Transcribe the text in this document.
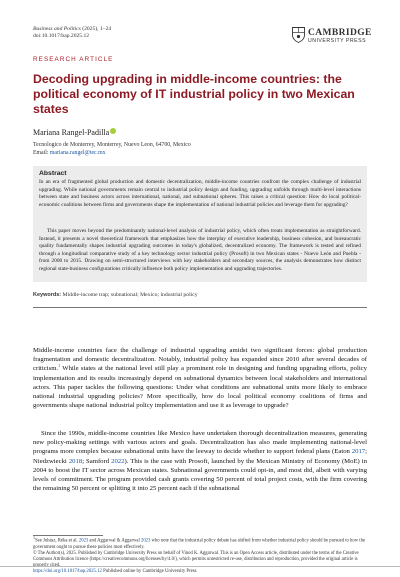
Business and Politics (2025), 1–24
doi:10.1017/bap.2025.12	CAMBRIDGE
UNIVERSITY PRESS
RESEARCH ARTICLE
Decoding upgrading in middle-income countries: the political economy of IT industrial policy in two Mexican states
Mariana Rangel-Padilla
Tecnologico de Monterrey, Monterrey, Nuevo Leon, 64700, Mexico
Email: mariana.rangel@tec.mx
Abstract

In an era of fragmented global production and domestic decentralization, middle-income countries confront the complex challenge of industrial upgrading. While national governments remain central to industrial policy design and funding, upgrading unfolds through multi-level interactions between state and business actors across international, national, and subnational spheres. This raises a critical question: How do local political-economic coalitions between firms and governments shape the implementation of national industrial policies and leverage them for upgrading?

This paper moves beyond the predominantly national-level analysis of industrial policy, which often treats implementation as straightforward. Instead, it presents a novel theoretical framework that emphasizes how the interplay of executive leadership, business cohesion, and bureaucratic quality fundamentally shapes industrial upgrading outcomes in today's globalized, decentralized economy. The framework is tested and refined through a longitudinal comparative study of a key technology sector industrial policy (Prosoft) in two Mexican states - Nuevo León and Puebla - from 2000 to 2015. Drawing on semi-structured interviews with key stakeholders and secondary sources, the analysis demonstrates how distinct regional state-business configurations critically influence both policy implementation and upgrading trajectories.

Keywords: Middle-income trap; subnational; Mexico; industrial policy

Middle-income countries face the challenge of industrial upgrading amidst two significant forces: global production fragmentation and domestic decentralization. Notably, industrial policy has expanded since 2010 after several decades of criticism.$^1$ While states at the national level still play a prominent role in designing and funding upgrading efforts, policy implementation and its results increasingly depend on subnational dynamics between local stakeholders and international actors. This paper tackles the following questions: Under what conditions are subnational units more likely to embrace national industrial upgrading policies? More specifically, how do local political economy coalitions of firms and governments shape national industrial policy implementation and use it as leverage to upgrade?

Since the 1990s, middle-income countries like Mexico have undertaken thorough decentralization measures, generating new policy-making settings with various actors and goals. Decentralization has also made implementing national-level programs more complex because subnational units have the leeway to decide whether to support federal plans (Eaton 2017; Niedzwiecki 2018; Samford 2022). This is the case with Prosoft, launched by the Mexican Ministry of Economy (MoE) in 2004 to boost the IT sector across Mexican states. Subnational governments could opt-in, and most did, albeit with varying levels of commitment. The program provided cash grants covering 50 percent of total project costs, with the firm covering the remaining 50 percent or splitting it into 25 percent each if the subnational

$^1$See Juhász, Réka et al. 2023 and Aggarwal & Aggarwal 2023 who note that the industrial policy debate has shifted from whether industrial policy should be pursued to how the government ought to pursue these policies most effectively.

© The Author(s), 2025. Published by Cambridge University Press on behalf of Vinod K. Aggarwal. This is an Open Access article, distributed under the terms of the Creative Commons Attribution licence (https://creativecommons.org/licenses/by/4.0/), which permits unrestricted re-use, distribution and reproduction, provided the original article is properly cited.

https://doi.org/10.1017/bap.2025.12 Published online by Cambridge University Press
